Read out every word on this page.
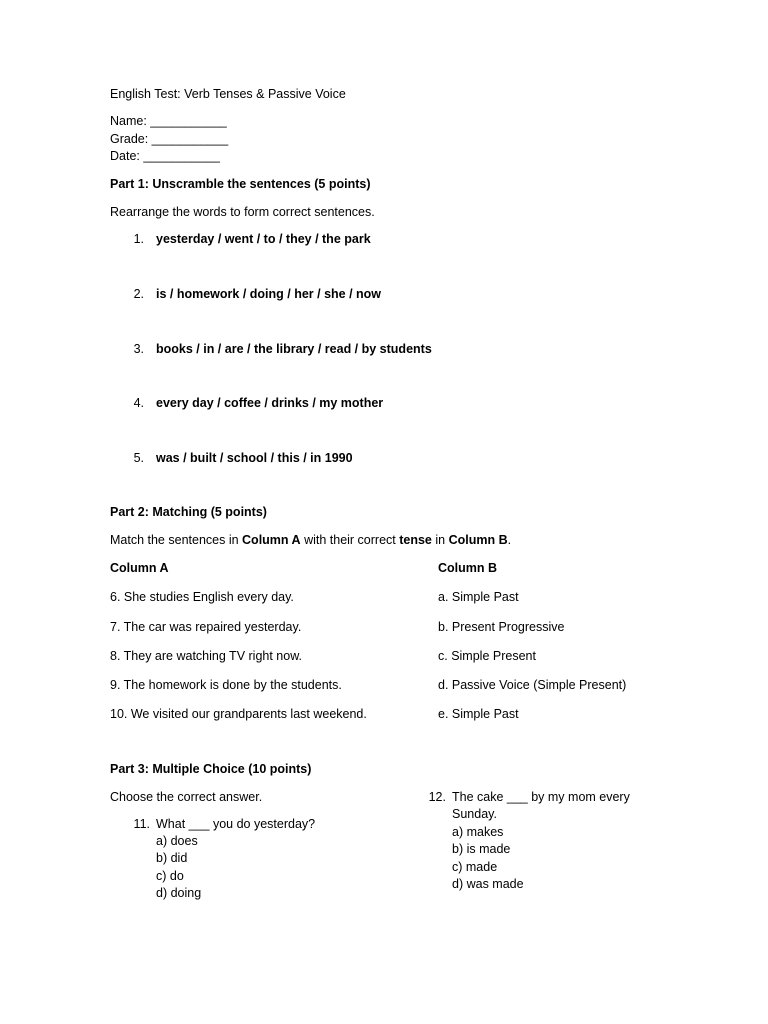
English Test: Verb Tenses & Passive Voice
Name: ___________
Grade: ___________
Date: ___________
Part 1: Unscramble the sentences (5 points)
Rearrange the words to form correct sentences.
1. yesterday / went / to / they / the park
2. is / homework / doing / her / she / now
3. books / in / are / the library / read / by students
4. every day / coffee / drinks / my mother
5. was / built / school / this / in 1990
Part 2: Matching (5 points)
Match the sentences in Column A with their correct tense in Column B.
Column A	Column B
6. She studies English every day.
7. The car was repaired yesterday.
8. They are watching TV right now.
9. The homework is done by the students.
10. We visited our grandparents last weekend.
a. Simple Past
b. Present Progressive
c. Simple Present
d. Passive Voice (Simple Present)
e. Simple Past
Part 3: Multiple Choice (10 points)
Choose the correct answer.
11. What ___ you do yesterday?
a) does
b) did
c) do
d) doing
12. The cake ___ by my mom every
Sunday.
a) makes
b) is made
c) made
d) was made
